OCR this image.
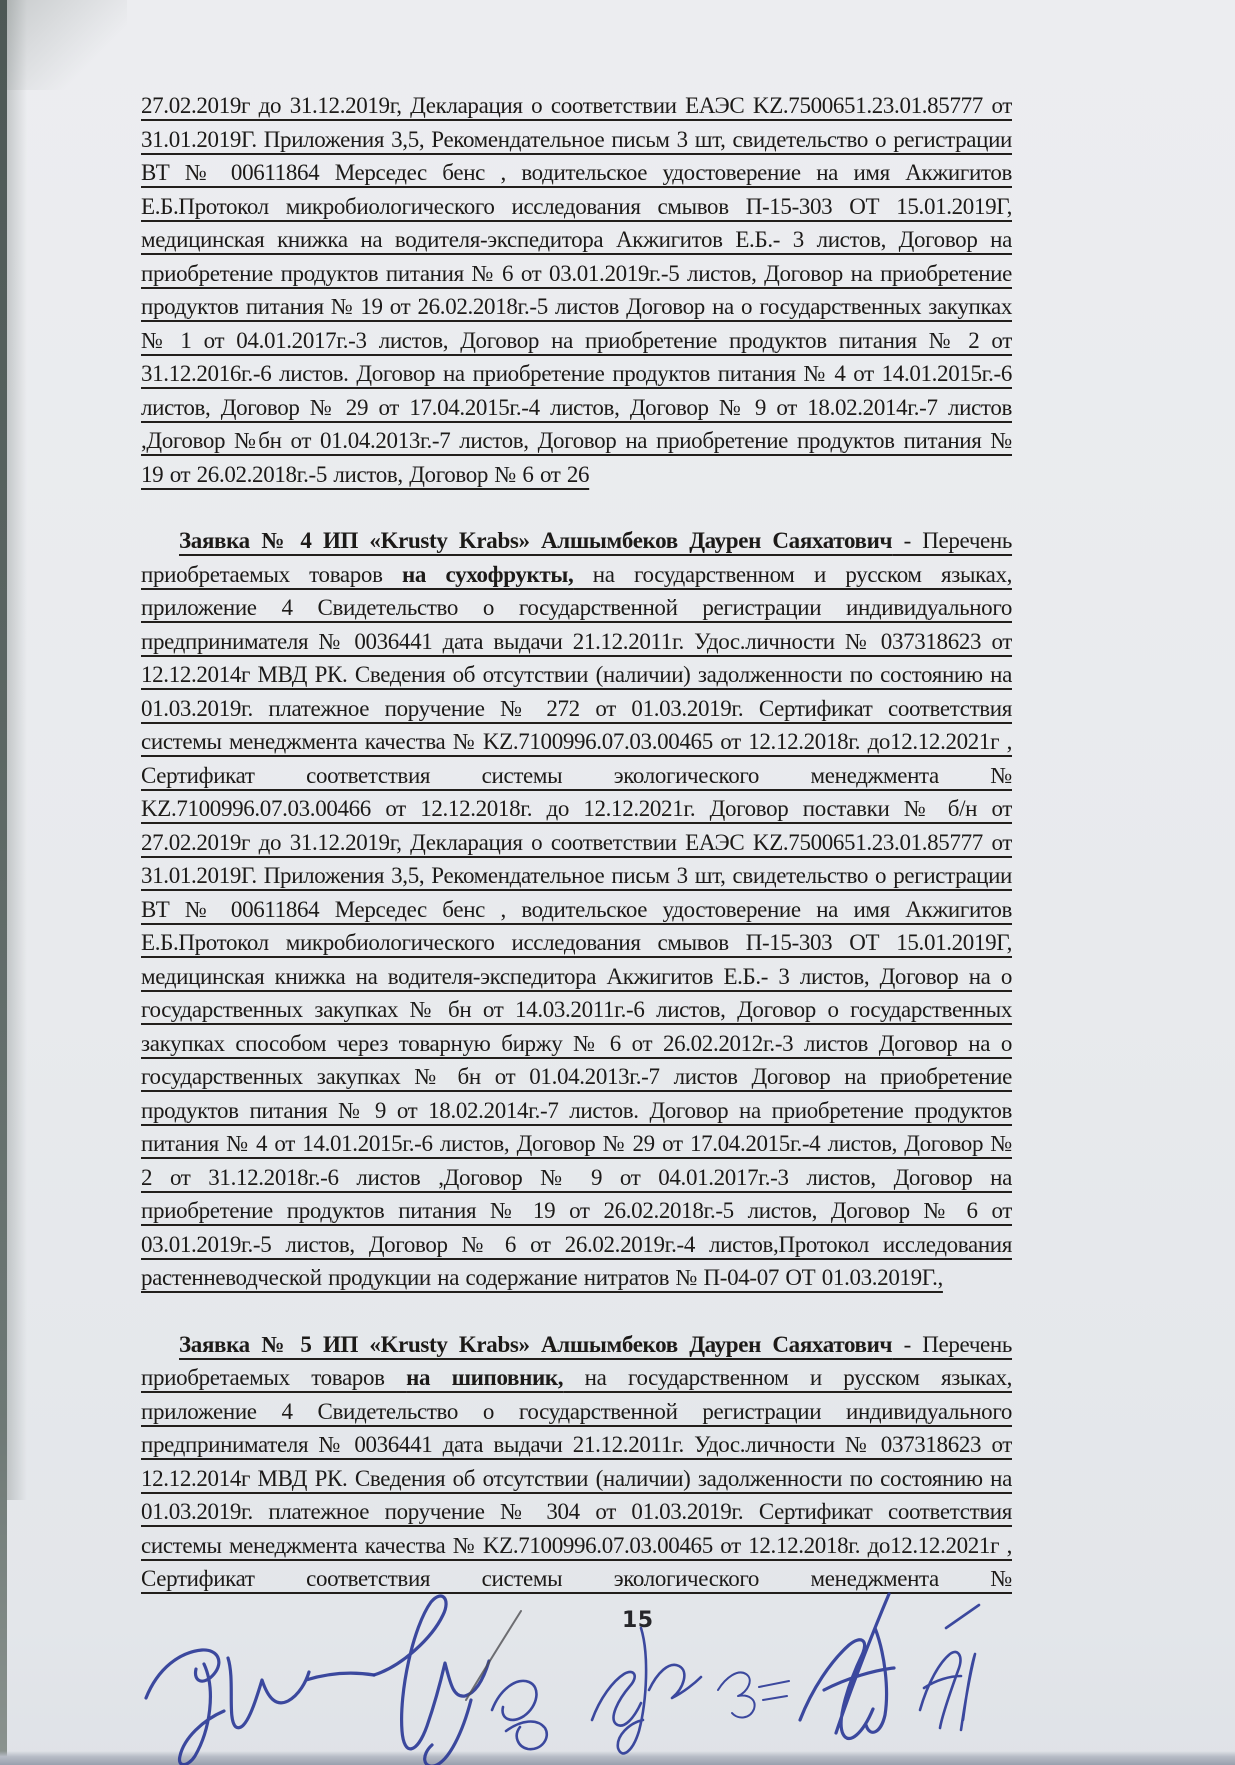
27.02.2019г до 31.12.2019г, Декларация о соответствии ЕАЭС KZ.7500651.23.01.85777 от 31.01.2019Г. Приложения 3,5, Рекомендательное письм 3 шт, свидетельство о регистрации ВТ № 00611864 Мерседес бенс , водительское удостоверение на имя Акжигитов Е.Б.Протокол микробиологического исследования смывов П-15-303 ОТ 15.01.2019Г, медицинская книжка на водителя-экспедитора Акжигитов Е.Б.- 3 листов, Договор на приобретение продуктов питания № 6 от 03.01.2019г.-5 листов, Договор на приобретение продуктов питания № 19 от 26.02.2018г.-5 листов Договор на о государственных закупках № 1 от 04.01.2017г.-3 листов, Договор на приобретение продуктов питания № 2 от 31.12.2016г.-6 листов. Договор на приобретение продуктов питания № 4 от 14.01.2015г.-6 листов, Договор № 29 от 17.04.2015г.-4 листов, Договор № 9 от 18.02.2014г.-7 листов ,Договор №бн от 01.04.2013г.-7 листов, Договор на приобретение продуктов питания № 19 от 26.02.2018г.-5 листов, Договор № 6 от 26

Заявка № 4 ИП «Krusty Krabs» Алшымбеков Даурен Саяхатович - Перечень приобретаемых товаров на сухофрукты, на государственном и русском языках, приложение 4 Свидетельство о государственной регистрации индивидуального предпринимателя № 0036441 дата выдачи 21.12.2011г. Удос.личности № 037318623 от 12.12.2014г МВД РК. Сведения об отсутствии (наличии) задолженности по состоянию на 01.03.2019г. платежное поручение № 272 от 01.03.2019г. Сертификат соответствия системы менеджмента качества № KZ.7100996.07.03.00465 от 12.12.2018г. до12.12.2021г , Сертификат соответствия системы экологического менеджмента № KZ.7100996.07.03.00466 от 12.12.2018г. до 12.12.2021г. Договор поставки № б/н от 27.02.2019г до 31.12.2019г, Декларация о соответствии ЕАЭС KZ.7500651.23.01.85777 от 31.01.2019Г. Приложения 3,5, Рекомендательное письм 3 шт, свидетельство о регистрации ВТ № 00611864 Мерседес бенс , водительское удостоверение на имя Акжигитов Е.Б.Протокол микробиологического исследования смывов П-15-303 ОТ 15.01.2019Г, медицинская книжка на водителя-экспедитора Акжигитов Е.Б.- 3 листов, Договор на о государственных закупках № бн от 14.03.2011г.-6 листов, Договор о государственных закупках способом через товарную биржу № 6 от 26.02.2012г.-3 листов Договор на о государственных закупках № бн от 01.04.2013г.-7 листов Договор на приобретение продуктов питания № 9 от 18.02.2014г.-7 листов. Договор на приобретение продуктов питания № 4 от 14.01.2015г.-6 листов, Договор № 29 от 17.04.2015г.-4 листов, Договор № 2 от 31.12.2018г.-6 листов ,Договор № 9 от 04.01.2017г.-3 листов, Договор на приобретение продуктов питания № 19 от 26.02.2018г.-5 листов, Договор № 6 от 03.01.2019г.-5 листов, Договор № 6 от 26.02.2019г.-4 листов,Протокол исследования растенневодческой продукции на содержание нитратов № П-04-07 ОТ 01.03.2019Г.,

Заявка № 5 ИП «Krusty Krabs» Алшымбеков Даурен Саяхатович - Перечень приобретаемых товаров на шиповник, на государственном и русском языках, приложение 4 Свидетельство о государственной регистрации индивидуального предпринимателя № 0036441 дата выдачи 21.12.2011г. Удос.личности № 037318623 от 12.12.2014г МВД РК. Сведения об отсутствии (наличии) задолженности по состоянию на 01.03.2019г. платежное поручение № 304 от 01.03.2019г. Сертификат соответствия системы менеджмента качества № KZ.7100996.07.03.00465 от 12.12.2018г. до12.12.2021г , Сертификат соответствия системы экологического менеджмента №

15
